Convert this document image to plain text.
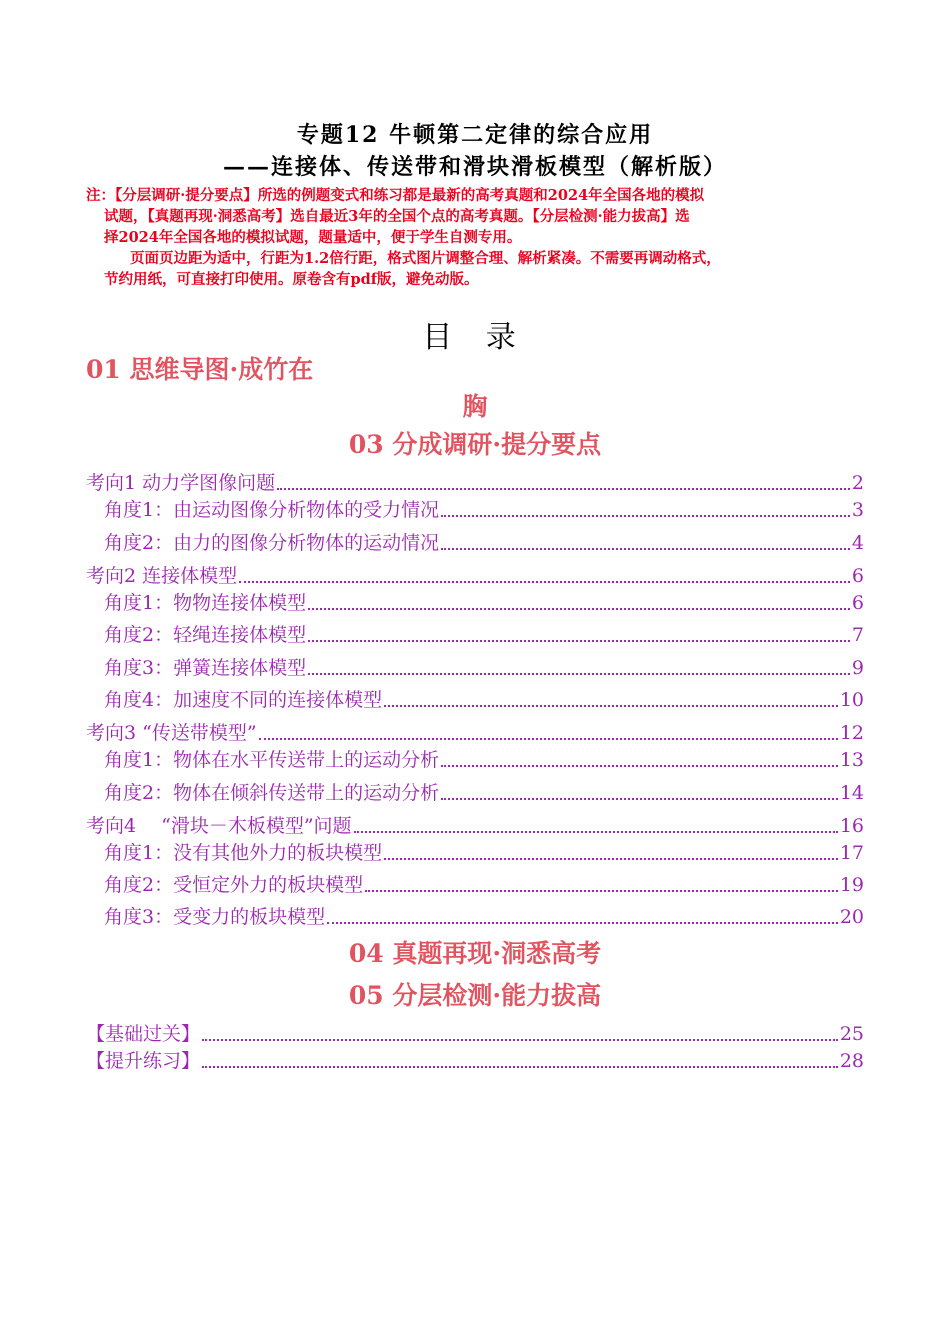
专题12 牛顿第二定律的综合应用
——连接体、传送带和滑块滑板模型（解析版）
注：【分层调研·提分要点】所选的例题变式和练习都是最新的高考真题和2024年全国各地的模拟
试题，【真题再现·洞悉高考】选自最近3年的全国个点的高考真题。【分层检测·能力拔高】选
择2024年全国各地的模拟试题，题量适中，便于学生自测专用。
页面页边距为适中，行距为1.2倍行距，格式图片调整合理、解析紧凑。不需要再调动格式，
节约用纸，可直接打印使用。原卷含有pdf版，避免动版。
目 录
01 思维导图·成竹在
胸
03 分成调研·提分要点
考向1 动力学图像问题	2
角度1：由运动图像分析物体的受力情况	3
角度2：由力的图像分析物体的运动情况	4
考向2 连接体模型	6
角度1：物物连接体模型	6
角度2：轻绳连接体模型	7
角度3：弹簧连接体模型	9
角度4：加速度不同的连接体模型	10
考向3 “传送带模型”	12
角度1：物体在水平传送带上的运动分析	13
角度2：物体在倾斜传送带上的运动分析	14
考向4　 “滑块－木板模型”问题	16
角度1：没有其他外力的板块模型	17
角度2：受恒定外力的板块模型	19
角度3：受变力的板块模型	20
04 真题再现·洞悉高考
05 分层检测·能力拔高
【基础过关】	25
【提升练习】	28
